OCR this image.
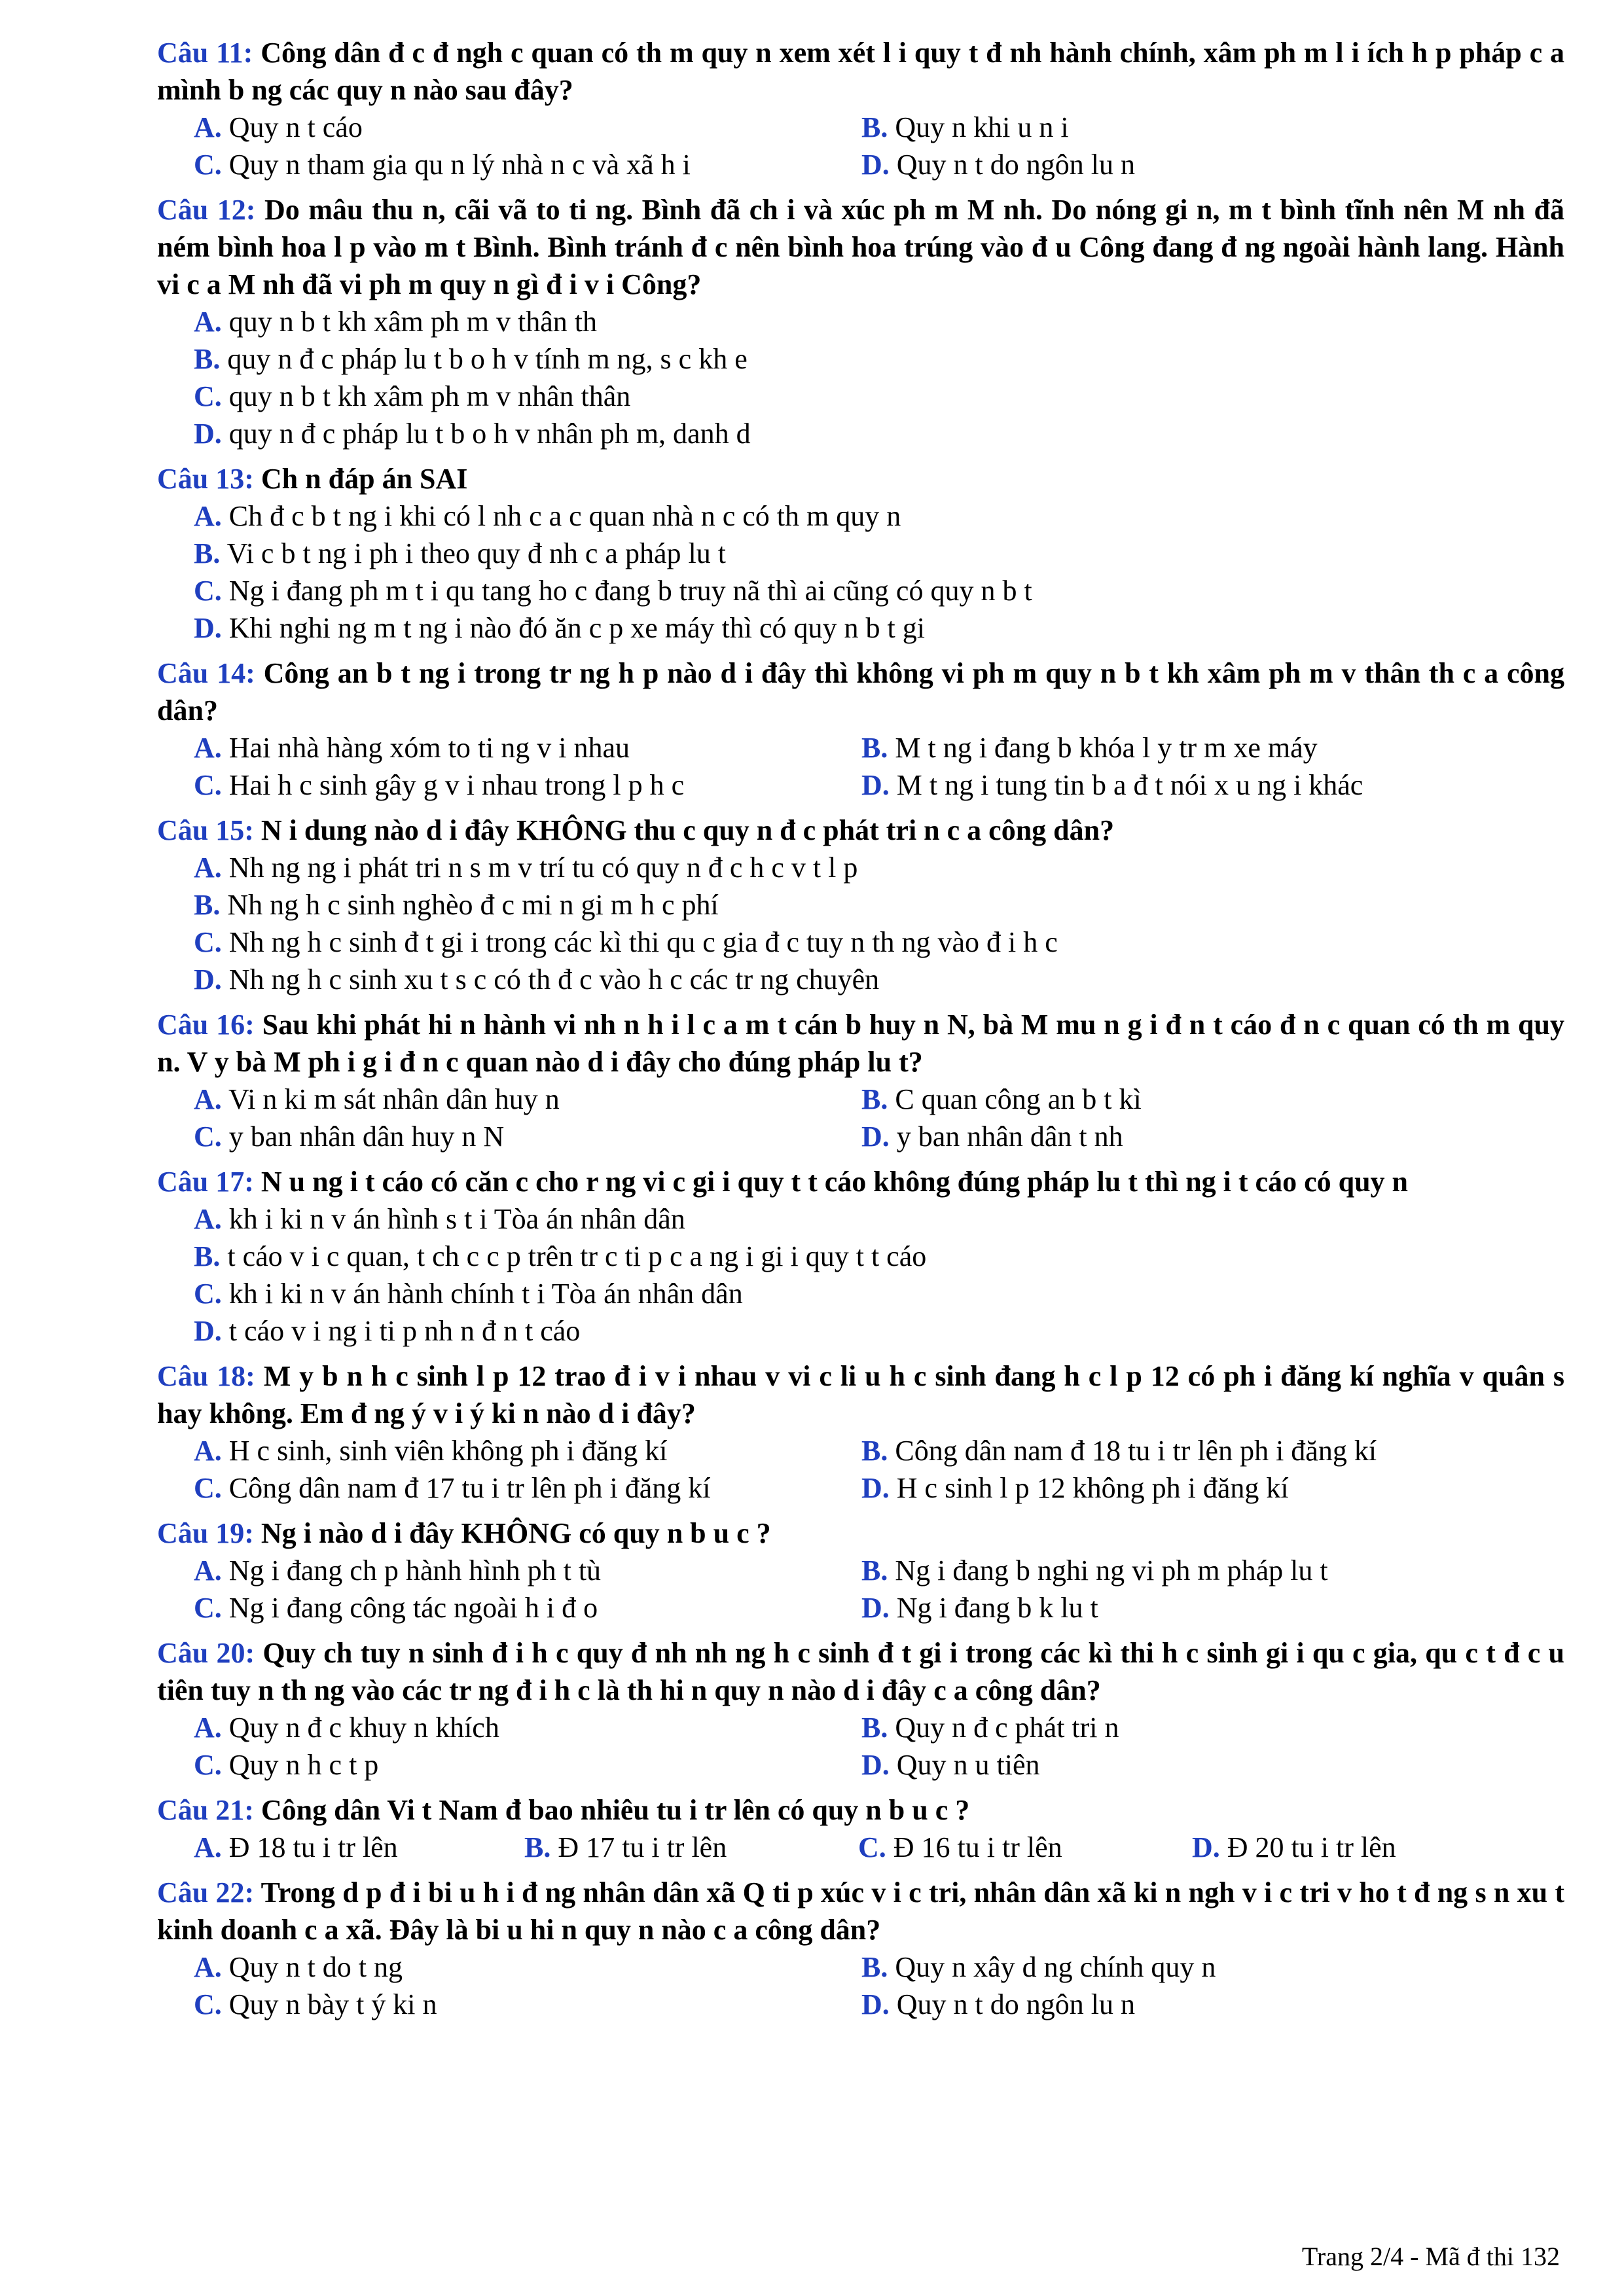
Câu 11: Công dân đ c đ ngh c quan có th m quy n xem xét l i quy t đ nh hành chính, xâm ph m l i ích h p pháp c a mình b ng các quy n nào sau đây?
A. Quy n t cáo	B. Quy n khi u n i
C. Quy n tham gia qu n lý nhà n c và xã h i	D. Quy n t do ngôn lu n
Câu 12: Do mâu thu n, cãi vã to ti ng. Bình đã ch i và xúc ph m M nh. Do nóng gi n, m t bình tĩnh nên M nh đã ném bình hoa l p vào m t Bình. Bình tránh đ c nên bình hoa trúng vào đ u Công đang đ ng ngoài hành lang. Hành vi c a M nh đã vi ph m quy n gì đ i v i Công?
A. quy n b t kh xâm ph m v thân th
B. quy n đ c pháp lu t b o h v tính m ng, s c kh e
C. quy n b t kh xâm ph m v nhân thân
D. quy n đ c pháp lu t b o h v nhân ph m, danh d
Câu 13: Ch n đáp án SAI
A. Ch đ c b t ng i khi có l nh c a c quan nhà n c có th m quy n
B. Vi c b t ng i ph i theo quy đ nh c a pháp lu t
C. Ng i đang ph m t i qu tang ho c đang b truy nã thì ai cũng có quy n b t
D. Khi nghi ng m t ng i nào đó ăn c p xe máy thì có quy n b t gi
Câu 14: Công an b t ng i trong tr ng h p nào d i đây thì không vi ph m quy n b t kh xâm ph m v thân th c a công dân?
A. Hai nhà hàng xóm to ti ng v i nhau	B. M t ng i đang b khóa l y tr m xe máy
C. Hai h c sinh gây g v i nhau trong l p h c	D. M t ng i tung tin b a đ t nói x u ng i khác
Câu 15: N i dung nào d i đây KHÔNG thu c quy n đ c phát tri n c a công dân?
A. Nh ng ng i phát tri n s m v trí tu có quy n đ c h c v t l p
B. Nh ng h c sinh nghèo đ c mi n gi m h c phí
C. Nh ng h c sinh đ t gi i trong các kì thi qu c gia đ c tuy n th ng vào đ i h c
D. Nh ng h c sinh xu t s c có th đ c vào h c các tr ng chuyên
Câu 16: Sau khi phát hi n hành vi nh n h i l c a m t cán b huy n N, bà M mu n g i đ n t cáo đ n c quan có th m quy n. V y bà M ph i g i đ n c quan nào d i đây cho đúng pháp lu t?
A. Vi n ki m sát nhân dân huy n	B. C quan công an b t kì
C. y ban nhân dân huy n N	D. y ban nhân dân t nh
Câu 17: N u ng i t cáo có căn c cho r ng vi c gi i quy t t cáo không đúng pháp lu t thì ng i t cáo có quy n
A. kh i ki n v án hình s t i Tòa án nhân dân
B. t cáo v i c quan, t ch c c p trên tr c ti p c a ng i gi i quy t t cáo
C. kh i ki n v án hành chính t i Tòa án nhân dân
D. t cáo v i ng i ti p nh n đ n t cáo
Câu 18: M y b n h c sinh l p 12 trao đ i v i nhau v vi c li u h c sinh đang h c l p 12 có ph i đăng kí nghĩa v quân s hay không. Em đ ng ý v i ý ki n nào d i đây?
A. H c sinh, sinh viên không ph i đăng kí	B. Công dân nam đ 18 tu i tr lên ph i đăng kí
C. Công dân nam đ 17 tu i tr lên ph i đăng kí	D. H c sinh l p 12 không ph i đăng kí
Câu 19: Ng i nào d i đây KHÔNG có quy n b u c ?
A. Ng i đang ch p hành hình ph t tù	B. Ng i đang b nghi ng vi ph m pháp lu t
C. Ng i đang công tác ngoài h i đ o	D. Ng i đang b k lu t
Câu 20: Quy ch tuy n sinh đ i h c quy đ nh nh ng h c sinh đ t gi i trong các kì thi h c sinh gi i qu c gia, qu c t đ c u tiên tuy n th ng vào các tr ng đ i h c là th hi n quy n nào d i đây c a công dân?
A. Quy n đ c khuy n khích	B. Quy n đ c phát tri n
C. Quy n h c t p	D. Quy n u tiên
Câu 21: Công dân Vi t Nam đ bao nhiêu tu i tr lên có quy n b u c ?
A. Đ 18 tu i tr lên	B. Đ 17 tu i tr lên	C. Đ 16 tu i tr lên	D. Đ 20 tu i tr lên
Câu 22: Trong d p đ i bi u h i đ ng nhân dân xã Q ti p xúc v i c tri, nhân dân xã ki n ngh v i c tri v ho t đ ng s n xu t kinh doanh c a xã. Đây là bi u hi n quy n nào c a công dân?
A. Quy n t do t ng	B. Quy n xây d ng chính quy n
C. Quy n bày t ý ki n	D. Quy n t do ngôn lu n
Trang 2/4 - Mã đ thi 132
